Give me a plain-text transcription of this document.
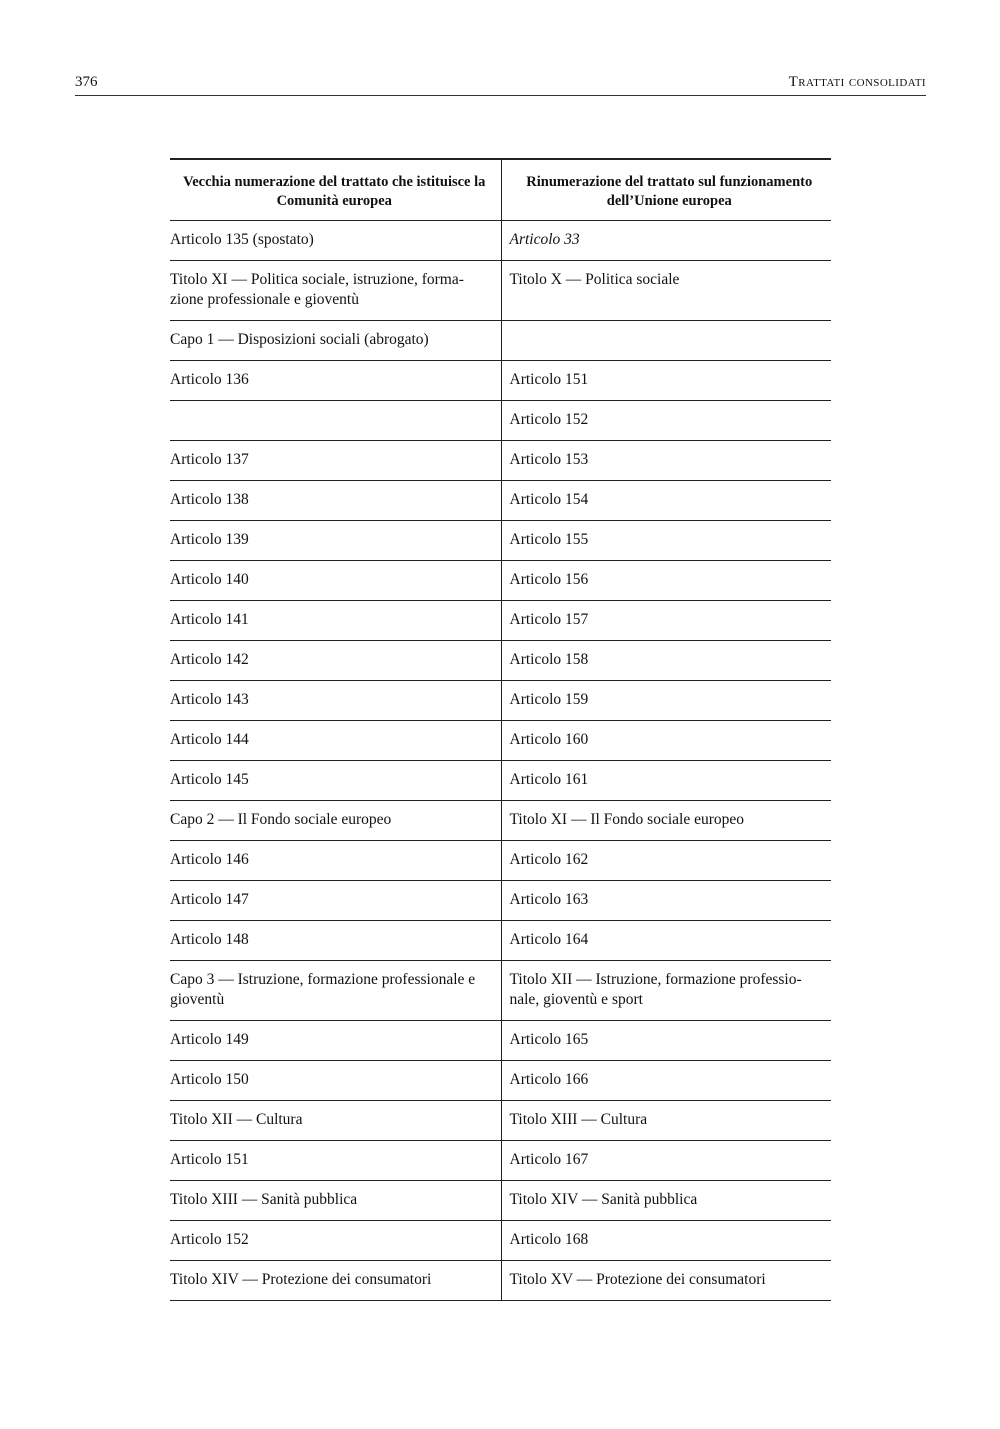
376	Trattati consolidati
Vecchia numerazione del trattato che istituisce la Comunità europea	Rinumerazione del trattato sul funzionamento dell’Unione europea
Articolo 135 (spostato)	Articolo 33
Titolo XI — Politica sociale, istruzione, forma- zione professionale e gioventù	Titolo X — Politica sociale
Capo 1 — Disposizioni sociali (abrogato)	
Articolo 136	Articolo 151
	Articolo 152
Articolo 137	Articolo 153
Articolo 138	Articolo 154
Articolo 139	Articolo 155
Articolo 140	Articolo 156
Articolo 141	Articolo 157
Articolo 142	Articolo 158
Articolo 143	Articolo 159
Articolo 144	Articolo 160
Articolo 145	Articolo 161
Capo 2 — Il Fondo sociale europeo	Titolo XI — Il Fondo sociale europeo
Articolo 146	Articolo 162
Articolo 147	Articolo 163
Articolo 148	Articolo 164
Capo 3 — Istruzione, formazione professionale e gioventù	Titolo XII — Istruzione, formazione professio- nale, gioventù e sport
Articolo 149	Articolo 165
Articolo 150	Articolo 166
Titolo XII — Cultura	Titolo XIII — Cultura
Articolo 151	Articolo 167
Titolo XIII — Sanità pubblica	Titolo XIV — Sanità pubblica
Articolo 152	Articolo 168
Titolo XIV — Protezione dei consumatori	Titolo XV — Protezione dei consumatori
